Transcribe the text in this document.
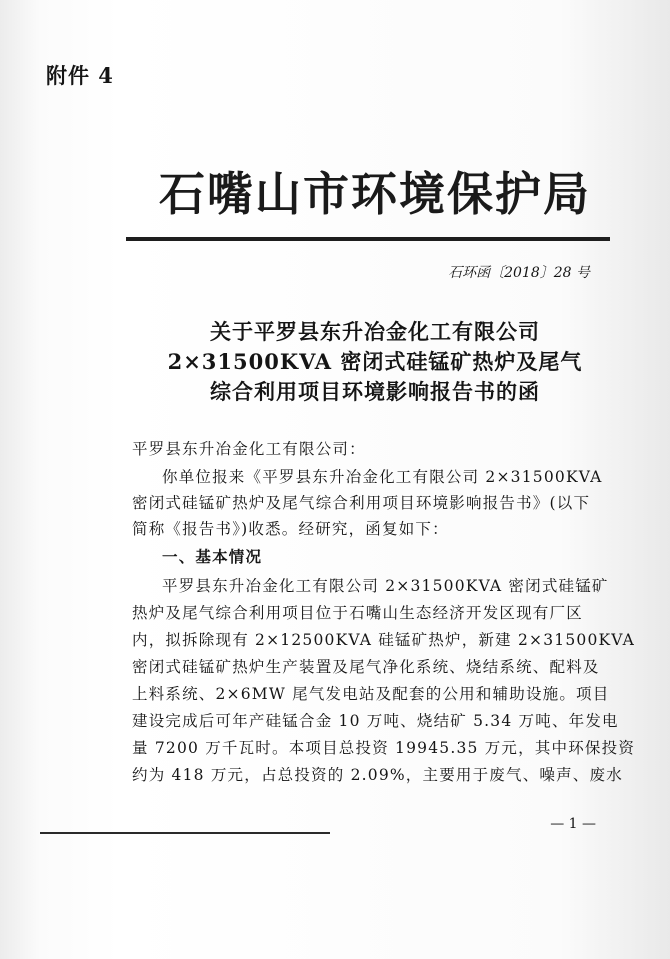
附件 4
石嘴山市环境保护局
石环函〔2018〕28 号
关于平罗县东升冶金化工有限公司
2×31500KVA 密闭式硅锰矿热炉及尾气
综合利用项目环境影响报告书的函
平罗县东升冶金化工有限公司：
你单位报来《平罗县东升冶金化工有限公司 2×31500KVA
密闭式硅锰矿热炉及尾气综合利用项目环境影响报告书》(以下
简称《报告书》)收悉。经研究，函复如下：
一、基本情况
平罗县东升冶金化工有限公司 2×31500KVA 密闭式硅锰矿
热炉及尾气综合利用项目位于石嘴山生态经济开发区现有厂区
内，拟拆除现有 2×12500KVA 硅锰矿热炉，新建 2×31500KVA
密闭式硅锰矿热炉生产装置及尾气净化系统、烧结系统、配料及
上料系统、2×6MW 尾气发电站及配套的公用和辅助设施。项目
建设完成后可年产硅锰合金 10 万吨、烧结矿 5.34 万吨、年发电
量 7200 万千瓦时。本项目总投资 19945.35 万元，其中环保投资
约为 418 万元，占总投资的 2.09%，主要用于废气、噪声、废水
— 1 —
